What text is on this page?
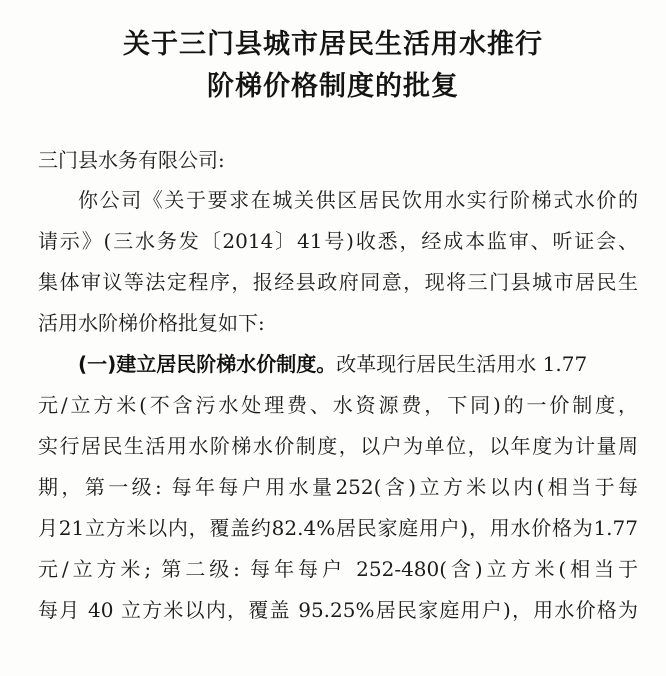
关于三门县城市居民生活用水推行
阶梯价格制度的批复
三门县水务有限公司:
你公司《关于要求在城关供区居民饮用水实行阶梯式水价的
请示》(三水务发〔2014〕41号)收悉，经成本监审、听证会、
集体审议等法定程序，报经县政府同意，现将三门县城市居民生
活用水阶梯价格批复如下:
(一)建立居民阶梯水价制度。改革现行居民生活用水 1.77
元/立方米(不含污水处理费、水资源费，下同)的一价制度，
实行居民生活用水阶梯水价制度，以户为单位，以年度为计量周
期，第一级: 每年每户用水量252(含)立方米以内(相当于每
月21立方米以内，覆盖约82.4%居民家庭用户)，用水价格为1.77
元/立方米; 第二级: 每年每户 252-480(含)立方米(相当于
每月 40 立方米以内，覆盖 95.25%居民家庭用户)，用水价格为
